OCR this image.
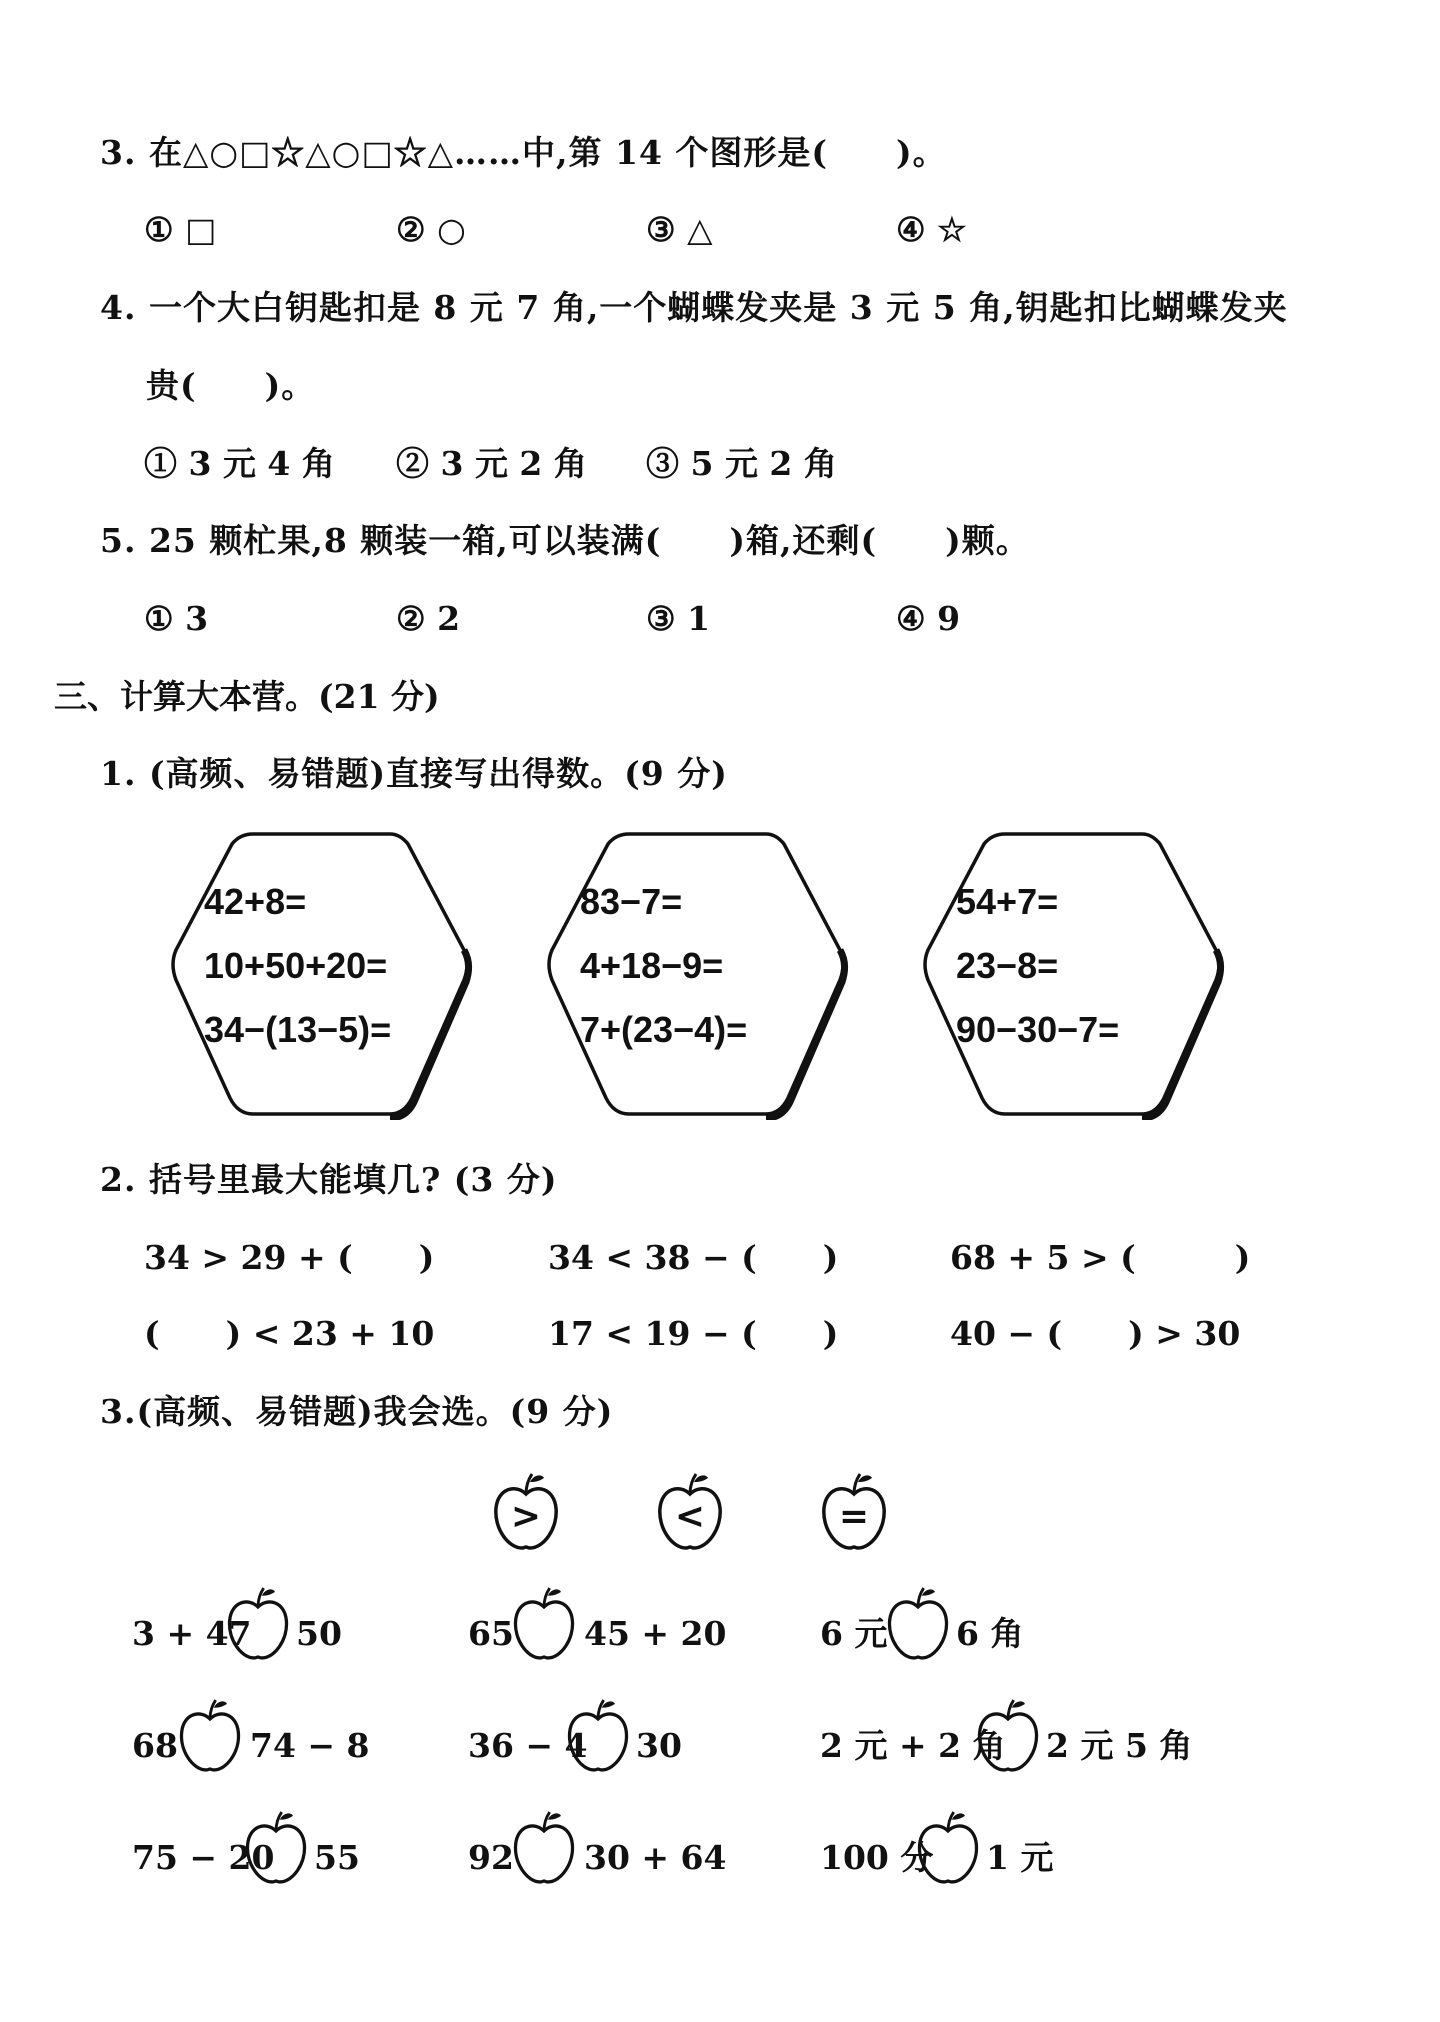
3. 在△○□☆△○□☆△……中,第 14 个图形是(　　)。
① □	② ○	③ △	④ ☆
4. 一个大白钥匙扣是 8 元 7 角,一个蝴蝶发夹是 3 元 5 角,钥匙扣比蝴蝶发夹
贵(　　)。
① 3 元 4 角 ② 3 元 2 角 ③ 5 元 2 角
5. 25 颗杧果,8 颗装一箱,可以装满(　　)箱,还剩(　　)颗。
① 3	② 2	③ 1	④ 9
三、计算大本营。(21 分)
1. (高频、易错题)直接写出得数。(9 分)
42+8=
10+50+20=
34−(13−5)=
83−7=
4+18−9=
7+(23−4)=
54+7=
23−8=
90−30−7=
2. 括号里最大能填几? (3 分)
34 > 29 + (　　)	34 < 38 − (　　)	68 + 5 > (　　　)
(　　) < 23 + 10	17 < 19 − (　　)	40 − (　　) > 30
3.(高频、易错题)我会选。(9 分)
>	<	=
3 + 47 50	65 45 + 20	6 元 6 角
68 74 − 8	36 − 4 30	2 元 + 2 角 2 元 5 角
75 − 20 55	92 30 + 64	100 分 1 元
